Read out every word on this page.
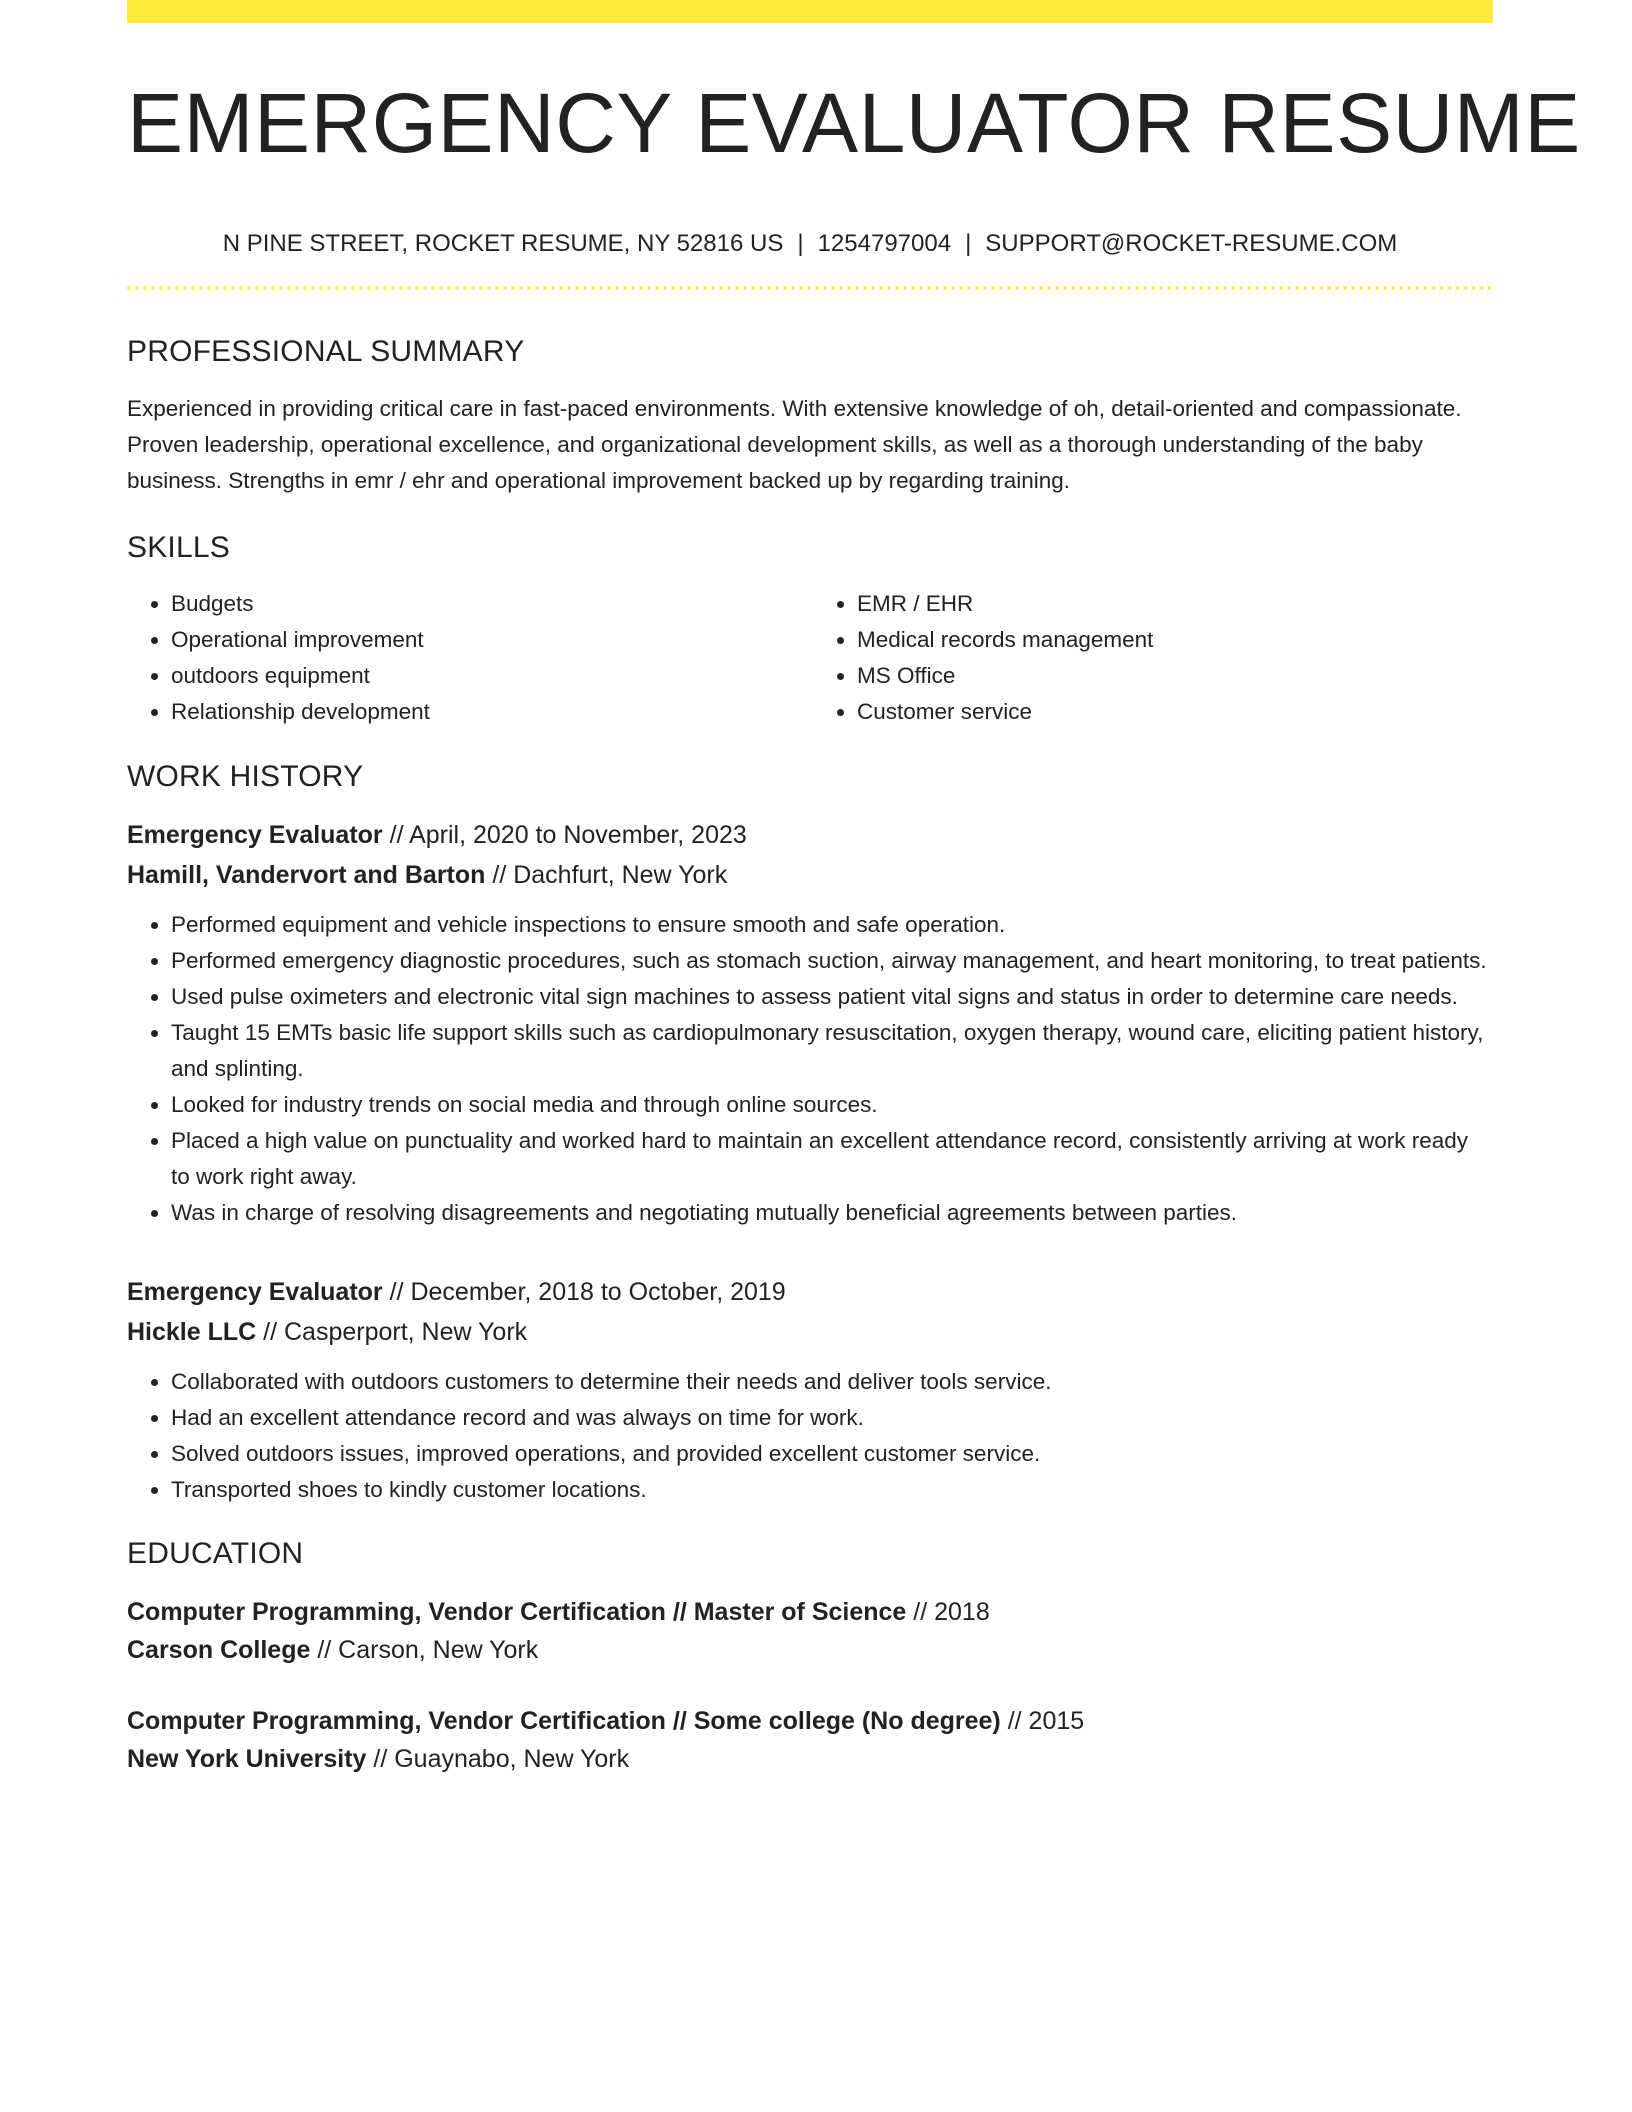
EMERGENCY EVALUATOR RESUME
N PINE STREET, ROCKET RESUME, NY 52816 US | 1254797004 | SUPPORT@ROCKET-RESUME.COM
PROFESSIONAL SUMMARY

Experienced in providing critical care in fast-paced environments. With extensive knowledge of oh, detail-oriented and compassionate. Proven leadership, operational excellence, and organizational development skills, as well as a thorough understanding of the baby business. Strengths in emr / ehr and operational improvement backed up by regarding training.

SKILLS
• Budgets
• Operational improvement
• outdoors equipment
• Relationship development
• EMR / EHR
• Medical records management
• MS Office
• Customer service
WORK HISTORY
Emergency Evaluator // April, 2020 to November, 2023
Hamill, Vandervort and Barton // Dachfurt, New York
• Performed equipment and vehicle inspections to ensure smooth and safe operation.
• Performed emergency diagnostic procedures, such as stomach suction, airway management, and heart monitoring, to treat patients.
• Used pulse oximeters and electronic vital sign machines to assess patient vital signs and status in order to determine care needs.
• Taught 15 EMTs basic life support skills such as cardiopulmonary resuscitation, oxygen therapy, wound care, eliciting patient history, and splinting.
• Looked for industry trends on social media and through online sources.
• Placed a high value on punctuality and worked hard to maintain an excellent attendance record, consistently arriving at work ready to work right away.
• Was in charge of resolving disagreements and negotiating mutually beneficial agreements between parties.
Emergency Evaluator // December, 2018 to October, 2019
Hickle LLC // Casperport, New York
• Collaborated with outdoors customers to determine their needs and deliver tools service.
• Had an excellent attendance record and was always on time for work.
• Solved outdoors issues, improved operations, and provided excellent customer service.
• Transported shoes to kindly customer locations.
EDUCATION
Computer Programming, Vendor Certification // Master of Science // 2018
Carson College // Carson, New York
Computer Programming, Vendor Certification // Some college (No degree) // 2015
New York University // Guaynabo, New York
